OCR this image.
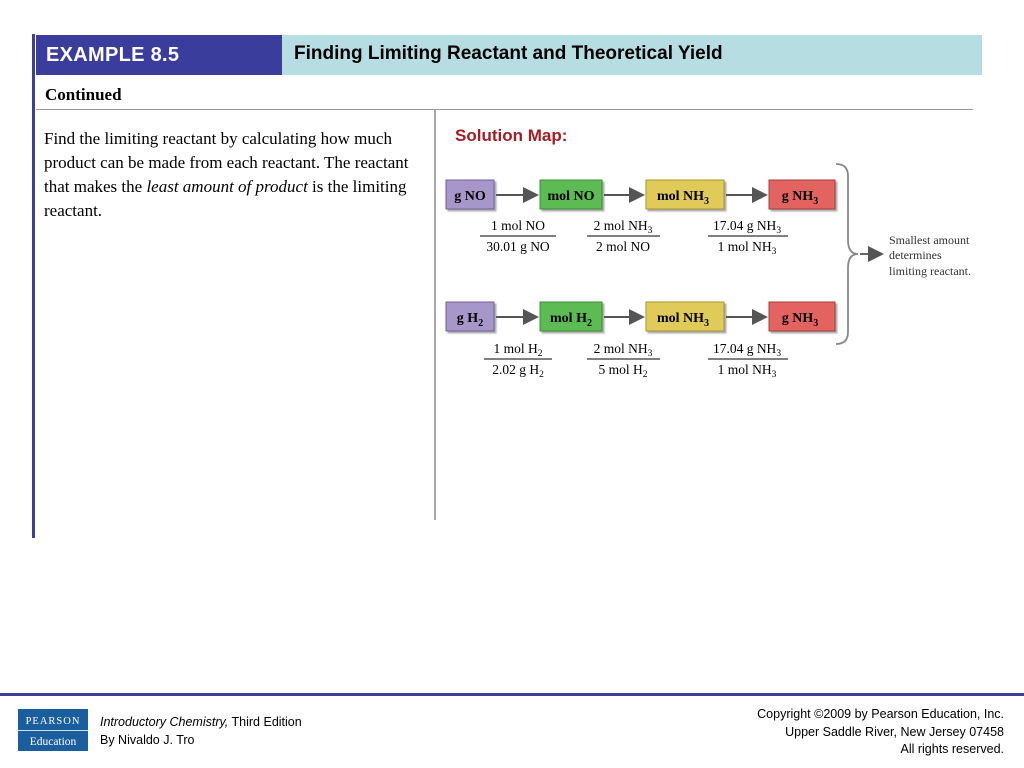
EXAMPLE 8.5	Finding Limiting Reactant and Theoretical Yield
Continued
Find the limiting reactant by calculating how much product can be made from each reactant. The reactant that makes the least amount of product is the limiting reactant.
Solution Map:
g NO	mol NO	mol $NH_3$	g $NH_3$
1 mol NO
30.01 g NO
2 mol $NH_3$
2 mol NO
17.04 g $NH_3$
1 mol $NH_3$
g $H_2$	mol $H_2$	mol $NH_3$	g $NH_3$
1 mol $H_2$
2.02 g $H_2$
2 mol $NH_3$
5 mol $H_2$
17.04 g $NH_3$
1 mol $NH_3$
Smallest amount
determines
limiting reactant.
PEARSON
Education
Introductory Chemistry, Third Edition
By Nivaldo J. Tro
Copyright ©2009 by Pearson Education, Inc.
Upper Saddle River, New Jersey 07458
All rights reserved.
